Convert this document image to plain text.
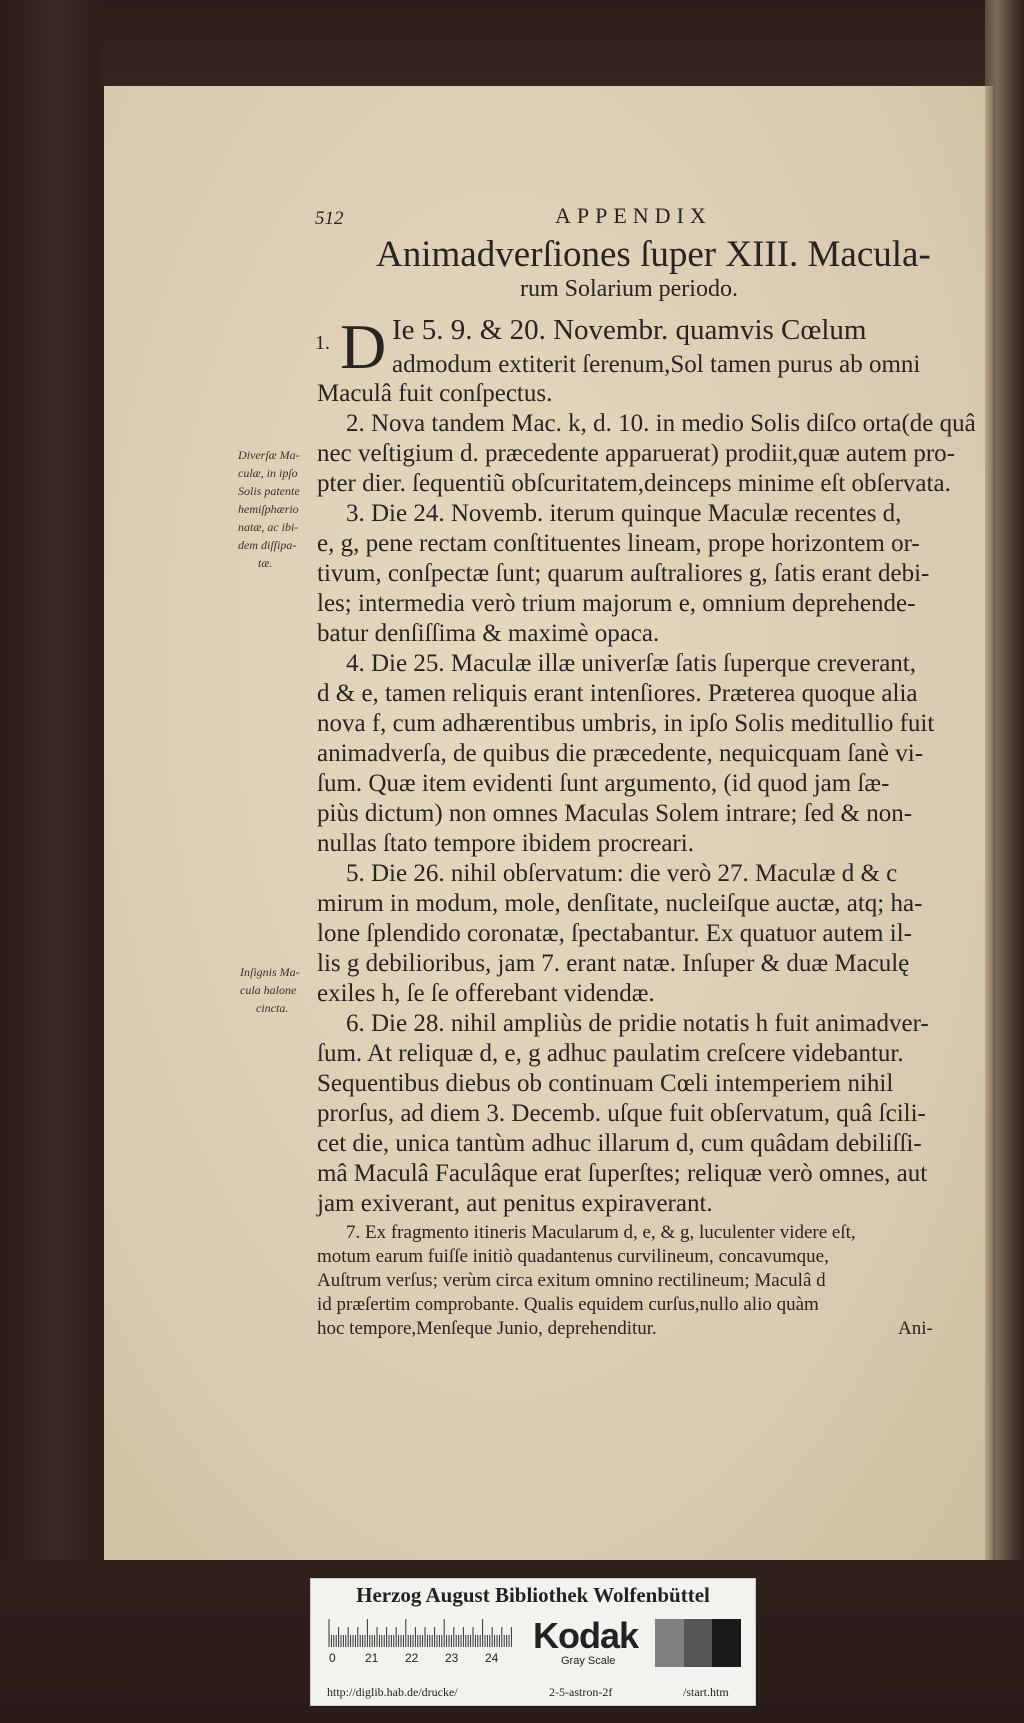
512	APPENDIX
Animadverſiones ſuper XIII. Macula-
rum Solarium periodo.
1. D Ie 5. 9. & 20. Novembr. quamvis Cœlum
admodum extiterit ſerenum,Sol tamen purus ab omni
Maculâ fuit conſpectus.
2. Nova tandem Mac. k, d. 10. in medio Solis diſco orta(de quâ
nec veſtigium d. præcedente apparuerat) prodiit,quæ autem pro-
pter dier. ſequentiũ obſcuritatem,deinceps minime eſt obſervata.
3. Die 24. Novemb. iterum quinque Maculæ recentes d,
e, g, pene rectam conſtituentes lineam, prope horizontem or-
tivum, conſpectæ ſunt; quarum auſtraliores g, ſatis erant debi-
les; intermedia verò trium majorum e, omnium deprehende-
batur denſiſſima & maximè opaca.
4. Die 25. Maculæ illæ univerſæ ſatis ſuperque creverant,
d & e, tamen reliquis erant intenſiores. Præterea quoque alia
nova f, cum adhærentibus umbris, in ipſo Solis meditullio fuit
animadverſa, de quibus die præcedente, nequicquam ſanè vi-
ſum. Quæ item evidenti ſunt argumento, (id quod jam ſæ-
piùs dictum) non omnes Maculas Solem intrare; ſed & non-
nullas ſtato tempore ibidem procreari.
5. Die 26. nihil obſervatum: die verò 27. Maculæ d & c
mirum in modum, mole, denſitate, nucleiſque auctæ, atq; ha-
lone ſplendido coronatæ, ſpectabantur. Ex quatuor autem il-
lis g debilioribus, jam 7. erant natæ. Inſuper & duæ Maculę
exiles h, ſe ſe offerebant videndæ.
6. Die 28. nihil ampliùs de pridie notatis h fuit animadver-
ſum. At reliquæ d, e, g adhuc paulatim creſcere videbantur.
Sequentibus diebus ob continuam Cœli intemperiem nihil
prorſus, ad diem 3. Decemb. uſque fuit obſervatum, quâ ſcili-
cet die, unica tantùm adhuc illarum d, cum quâdam debiliſſi-
mâ Maculâ Faculâque erat ſuperſtes; reliquæ verò omnes, aut
jam exiverant, aut penitus expiraverant.
7. Ex fragmento itineris Macularum d, e, & g, luculenter videre eſt,
motum earum fuiſſe initiò quadantenus curvilineum, concavumque,
Auſtrum verſus; verùm circa exitum omnino rectilineum; Maculâ d
id præſertim comprobante. Qualis equidem curſus,nullo alio quàm
hoc tempore,Menſeque Junio, deprehenditur.	Ani-
Diverſæ Ma-
culæ, in ipſo
Solis patente
hemiſphærio
natæ, ac ibi-
dem diſſipa-
tæ.
Inſignis Ma-
cula halone
cincta.
Herzog August Bibliothek Wolfenbüttel
0 21 22 23 24
Kodak
Gray Scale
http://diglib.hab.de/drucke/	2-5-astron-2f	/start.htm
